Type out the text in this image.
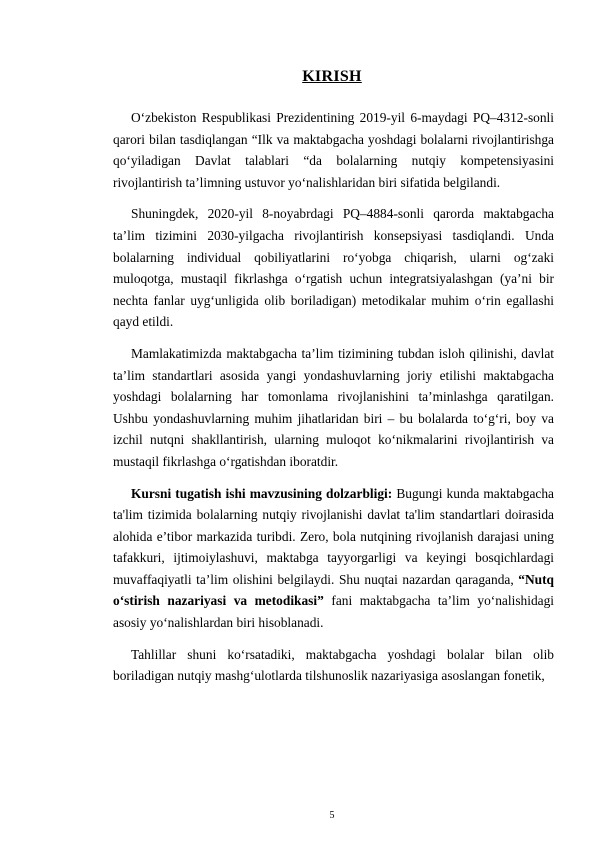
KIRISH

O‘zbekiston Respublikasi Prezidentining 2019-yil 6-maydagi PQ–4312-sonli qarori bilan tasdiqlangan “Ilk va maktabgacha yoshdagi bolalarni rivojlantirishga qo‘yiladigan Davlat talablari “da bolalarning nutqiy kompetensiyasini rivojlantirish ta’limning ustuvor yo‘nalishlaridan biri sifatida belgilandi.

Shuningdek, 2020-yil 8-noyabrdagi PQ–4884-sonli qarorda maktabgacha ta’lim tizimini 2030-yilgacha rivojlantirish konsepsiyasi tasdiqlandi. Unda bolalarning individual qobiliyatlarini ro‘yobga chiqarish, ularni og‘zaki muloqotga, mustaqil fikrlashga o‘rgatish uchun integratsiyalashgan (ya’ni bir nechta fanlar uyg‘unligida olib boriladigan) metodikalar muhim o‘rin egallashi qayd etildi.

Mamlakatimizda maktabgacha ta’lim tizimining tubdan isloh qilinishi, davlat ta’lim standartlari asosida yangi yondashuvlarning joriy etilishi maktabgacha yoshdagi bolalarning har tomonlama rivojlanishini ta’minlashga qaratilgan. Ushbu yondashuvlarning muhim jihatlaridan biri – bu bolalarda to‘g‘ri, boy va izchil nutqni shakllantirish, ularning muloqot ko‘nikmalarini rivojlantirish va mustaqil fikrlashga o‘rgatishdan iboratdir.

Kursni tugatish ishi mavzusining dolzarbligi: Bugungi kunda maktabgacha ta'lim tizimida bolalarning nutqiy rivojlanishi davlat ta'lim standartlari doirasida alohida e’tibor markazida turibdi. Zero, bola nutqining rivojlanish darajasi uning tafakkuri, ijtimoiylashuvi, maktabga tayyorgarligi va keyingi bosqichlardagi muvaffaqiyatli ta’lim olishini belgilaydi. Shu nuqtai nazardan qaraganda, “Nutq o‘stirish nazariyasi va metodikasi” fani maktabgacha ta’lim yo‘nalishidagi asosiy yo‘nalishlardan biri hisoblanadi.

Tahlillar shuni ko‘rsatadiki, maktabgacha yoshdagi bolalar bilan olib boriladigan nutqiy mashg‘ulotlarda tilshunoslik nazariyasiga asoslangan fonetik,

5
